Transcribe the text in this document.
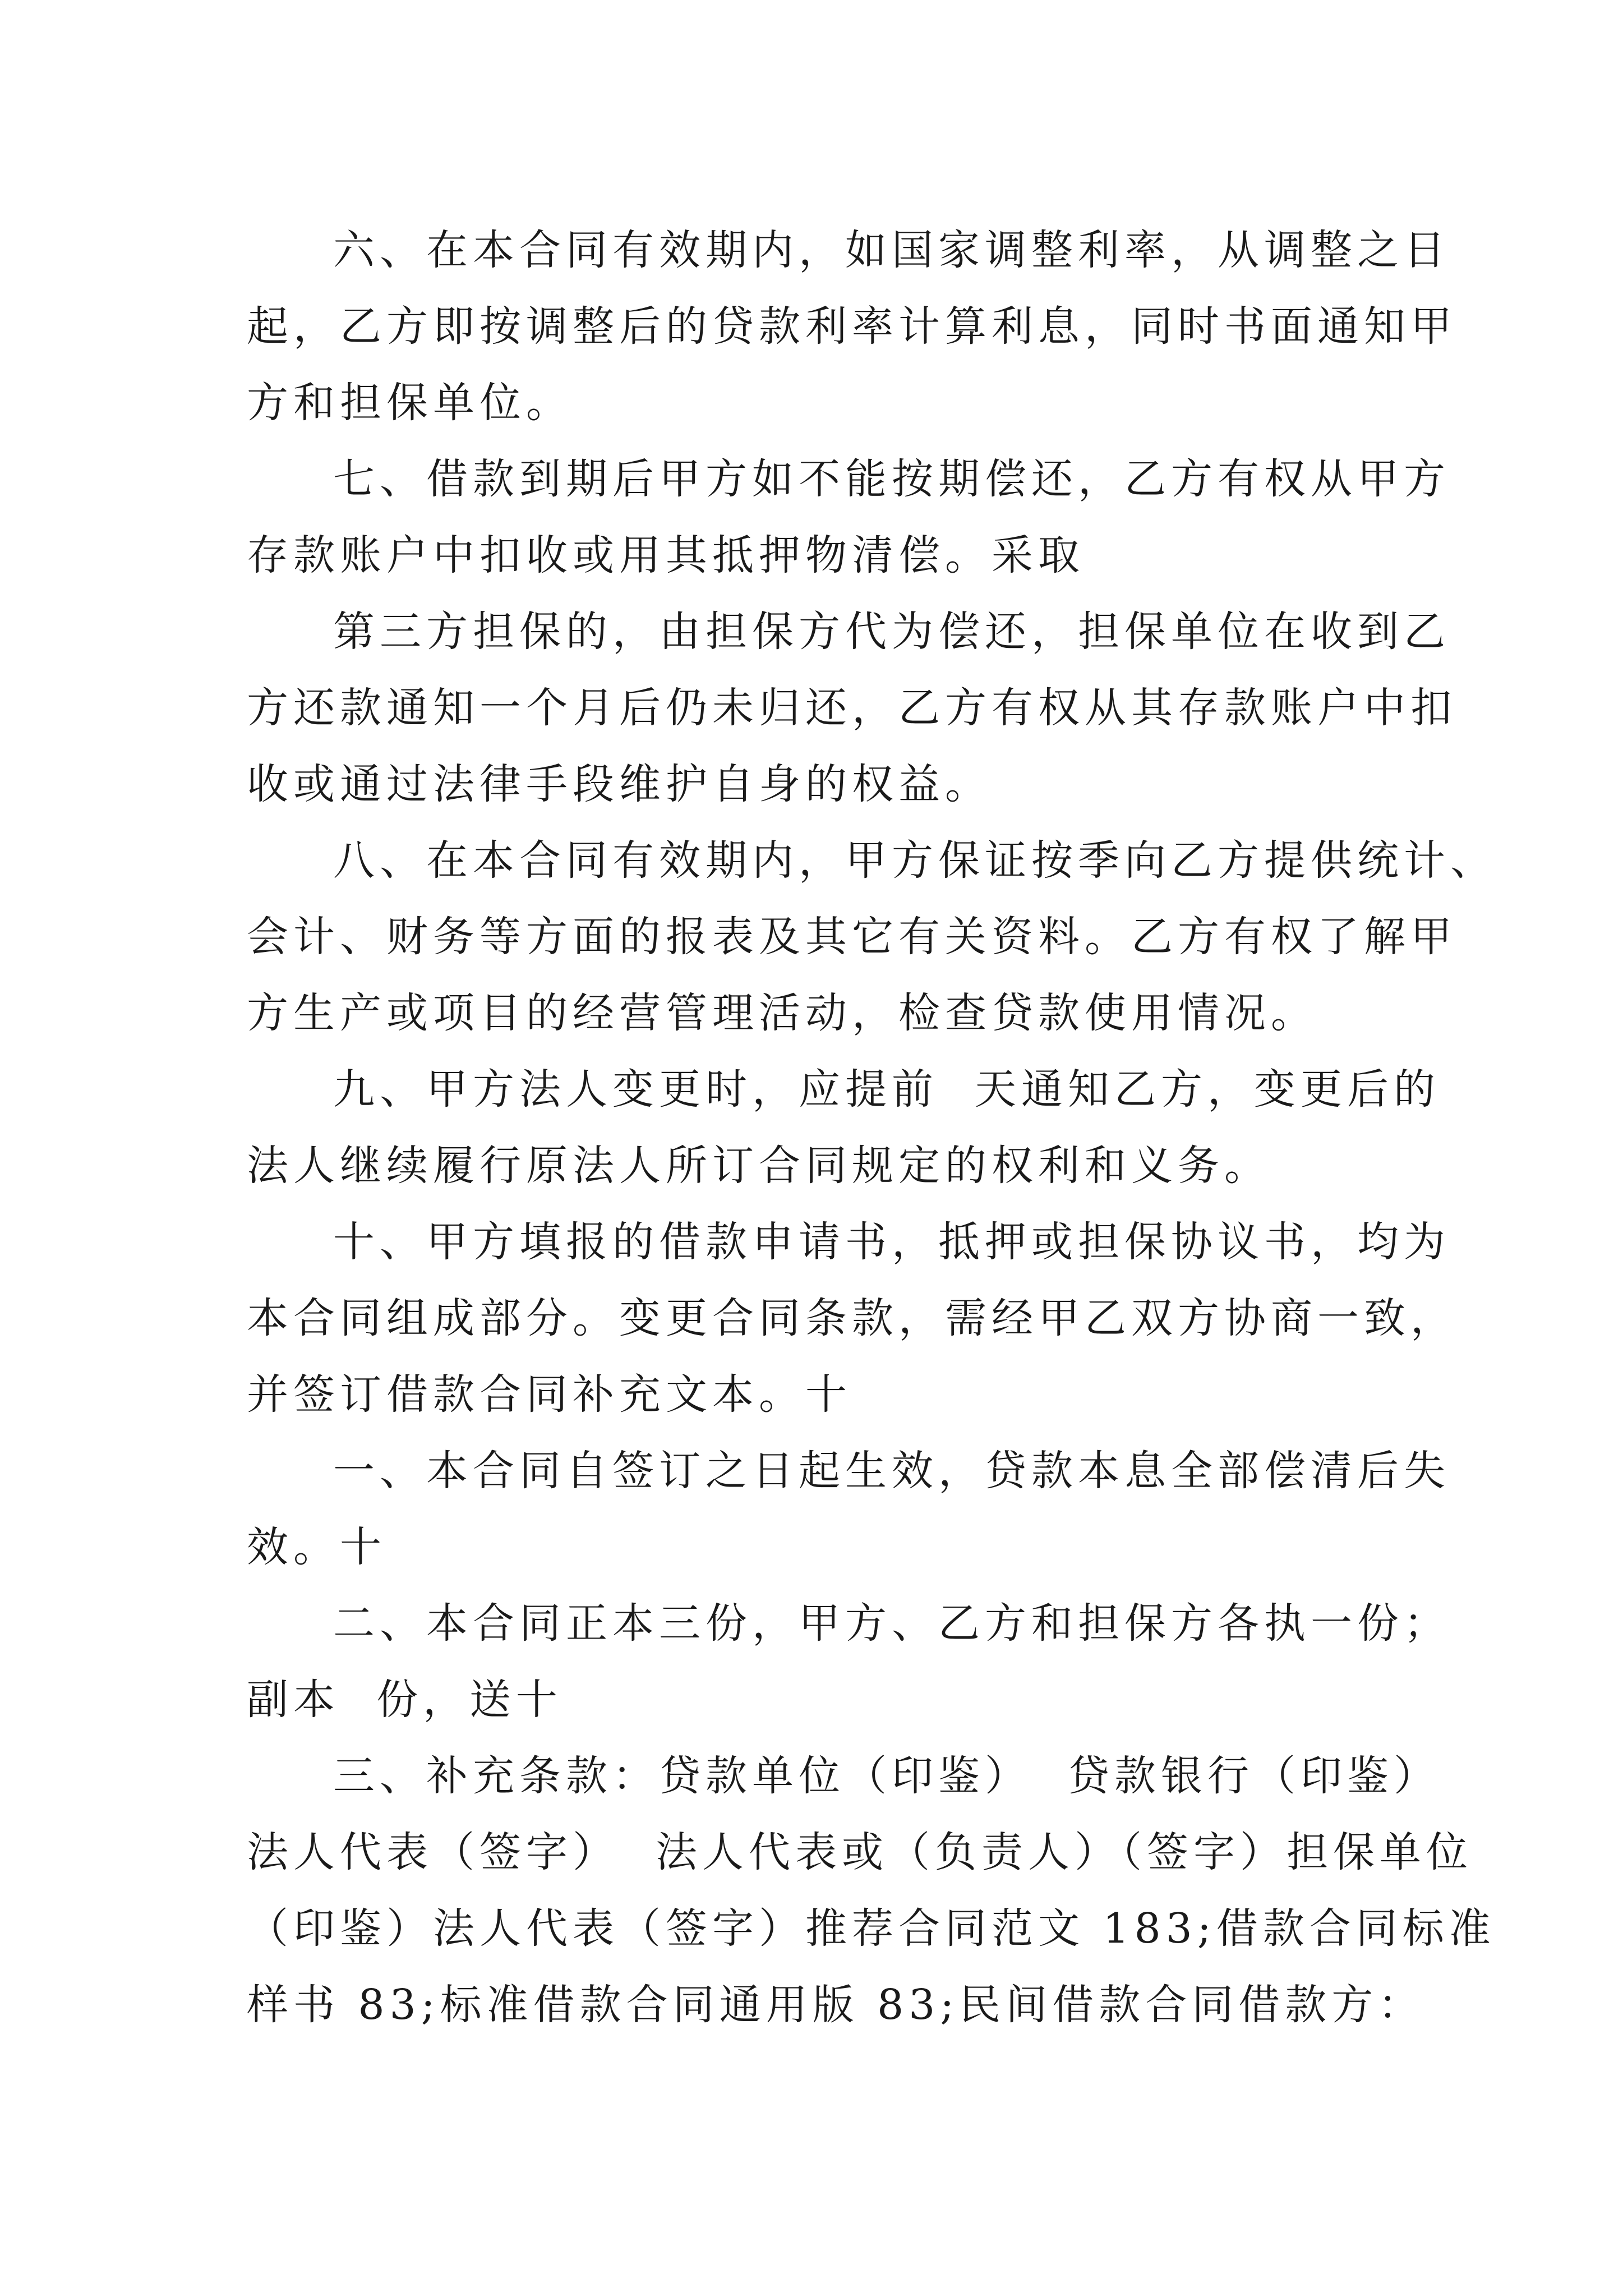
六、在本合同有效期内，如国家调整利率，从调整之日
起，乙方即按调整后的贷款利率计算利息，同时书面通知甲
方和担保单位。
七、借款到期后甲方如不能按期偿还，乙方有权从甲方
存款账户中扣收或用其抵押物清偿。采取
第三方担保的，由担保方代为偿还，担保单位在收到乙
方还款通知一个月后仍未归还，乙方有权从其存款账户中扣
收或通过法律手段维护自身的权益。
八、在本合同有效期内，甲方保证按季向乙方提供统计、
会计、财务等方面的报表及其它有关资料。乙方有权了解甲
方生产或项目的经营管理活动，检查贷款使用情况。
九、甲方法人变更时，应提前  天通知乙方，变更后的
法人继续履行原法人所订合同规定的权利和义务。
十、甲方填报的借款申请书，抵押或担保协议书，均为
本合同组成部分。变更合同条款，需经甲乙双方协商一致，
并签订借款合同补充文本。十
一、本合同自签订之日起生效，贷款本息全部偿清后失
效。十
二、本合同正本三份，甲方、乙方和担保方各执一份；
副本  份，送十
三、补充条款：贷款单位（印鉴）  贷款银行（印鉴）
法人代表（签字）  法人代表或（负责人）（签字）担保单位
（印鉴）法人代表（签字）推荐合同范文 183;借款合同标准
样书 83;标准借款合同通用版 83;民间借款合同借款方：
